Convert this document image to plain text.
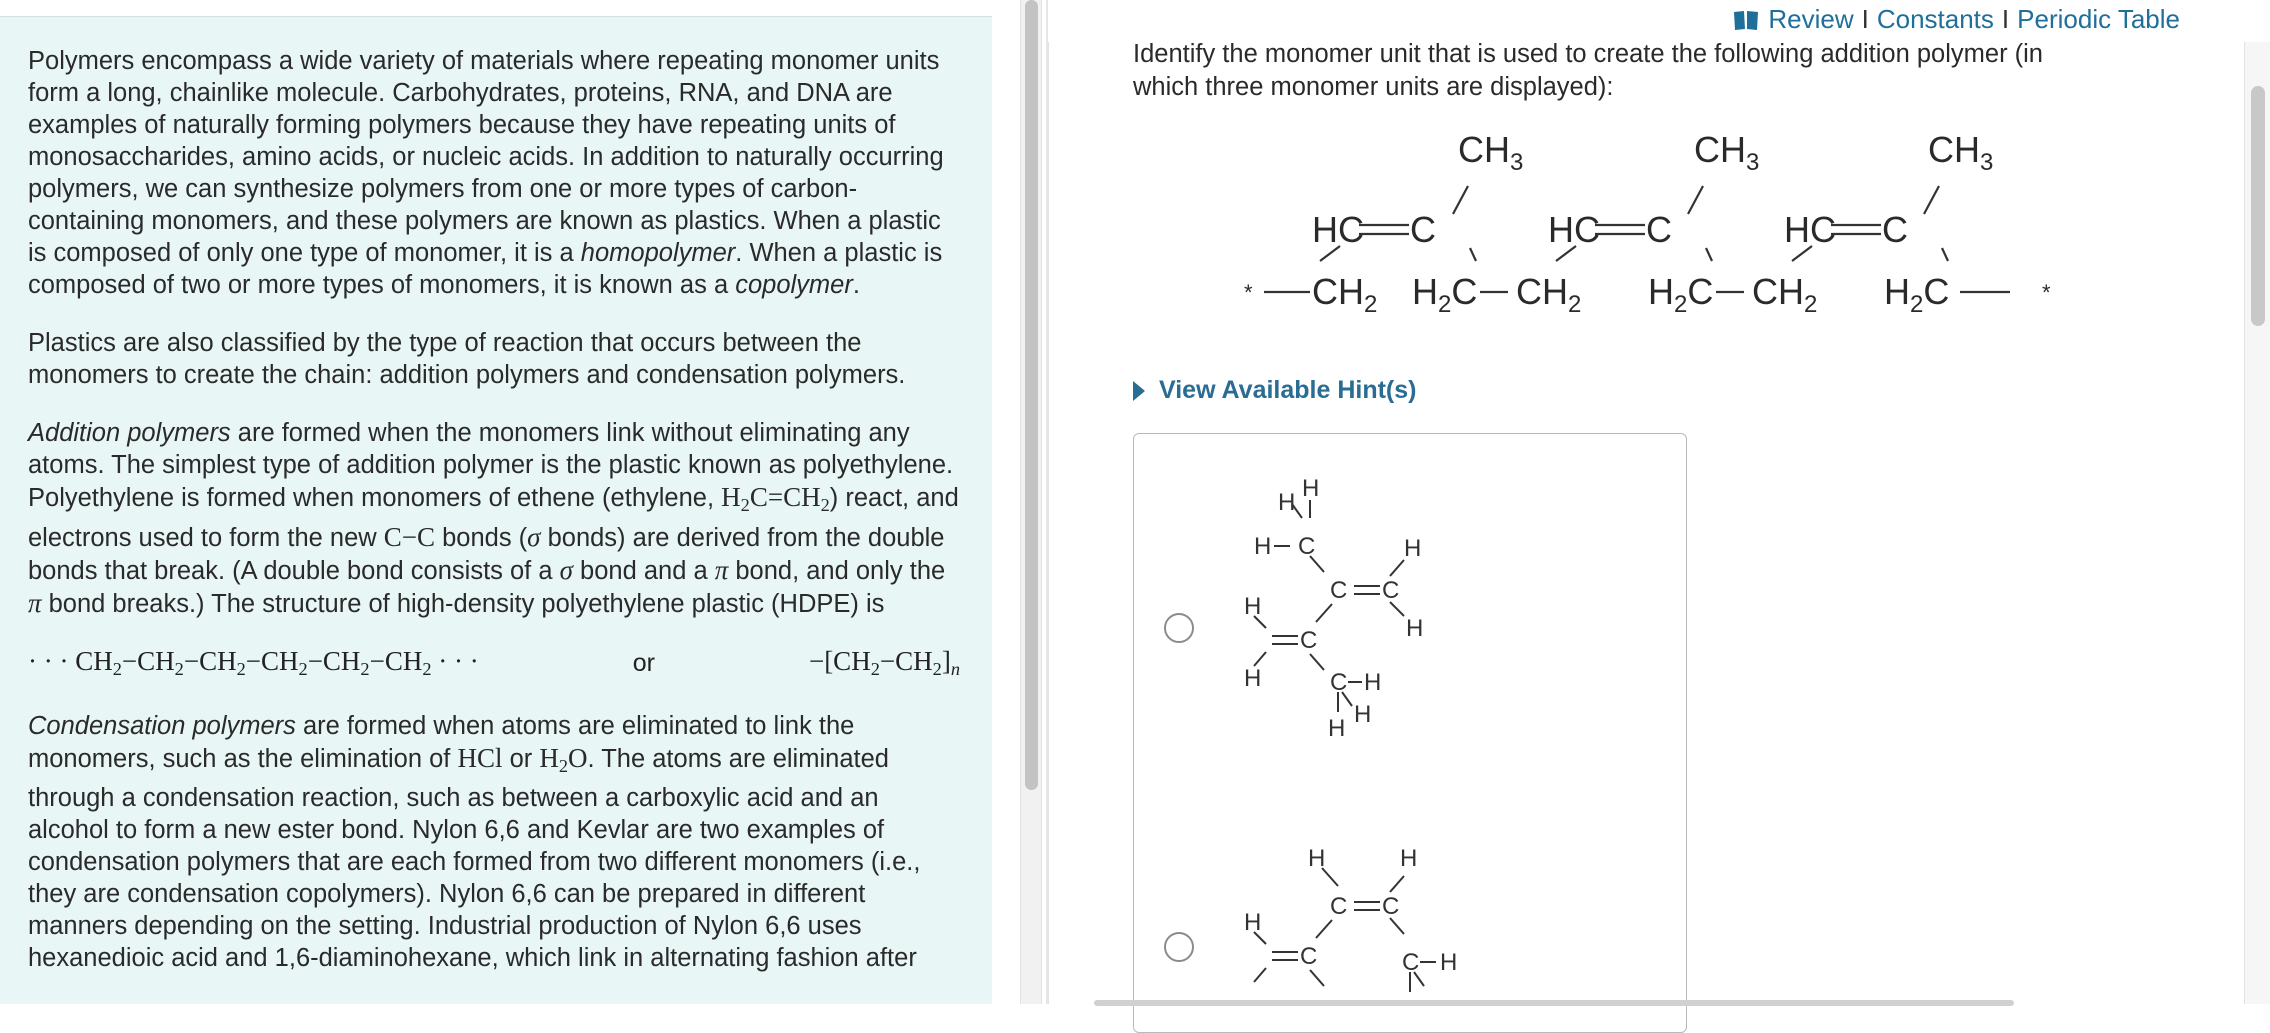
Polymers encompass a wide variety of materials where repeating monomer units form a long, chainlike molecule. Carbohydrates, proteins, RNA, and DNA are examples of naturally forming polymers because they have repeating units of monosaccharides, amino acids, or nucleic acids. In addition to naturally occurring polymers, we can synthesize polymers from one or more types of carbon-containing monomers, and these polymers are known as plastics. When a plastic is composed of only one type of monomer, it is a homopolymer. When a plastic is composed of two or more types of monomers, it is known as a copolymer.

Plastics are also classified by the type of reaction that occurs between the monomers to create the chain: addition polymers and condensation polymers.

Addition polymers are formed when the monomers link without eliminating any atoms. The simplest type of addition polymer is the plastic known as polyethylene. Polyethylene is formed when monomers of ethene (ethylene, $H_2C=CH_2$) react, and electrons used to form the new C−C bonds (σ bonds) are derived from the double bonds that break. (A double bond consists of a σ bond and a π bond, and only the π bond breaks.) The structure of high-density polyethylene plastic (HDPE) is

· · · $CH_2-CH_2-CH_2-CH_2-CH_2-CH_2$ · · ·	or	$-[CH_2-CH_2]_n$

Condensation polymers are formed when atoms are eliminated to link the monomers, such as the elimination of HCl or $H_2O$. The atoms are eliminated through a condensation reaction, such as between a carboxylic acid and an alcohol to form a new ester bond. Nylon 6,6 and Kevlar are two examples of condensation polymers that are each formed from two different monomers (i.e., they are condensation copolymers). Nylon 6,6 can be prepared in different manners depending on the setting. Industrial production of Nylon 6,6 uses hexanedioic acid and 1,6-diaminohexane, which link in alternating fashion after

Review I Constants I Periodic Table
Identify the monomer unit that is used to create the following addition polymer (in which three monomer units are displayed):
* $CH_2$ $H_2C$ $CH_2$ $H_2C$ $CH_2$ $H_2C$	*
HC C	HC C	HC C
$CH_3$	$CH_3$	$CH_3$
View Available Hint(s)
H
H
H C
C C
H
H
H
C
H	C H
H
H
H	H
C C
H
C	C H
